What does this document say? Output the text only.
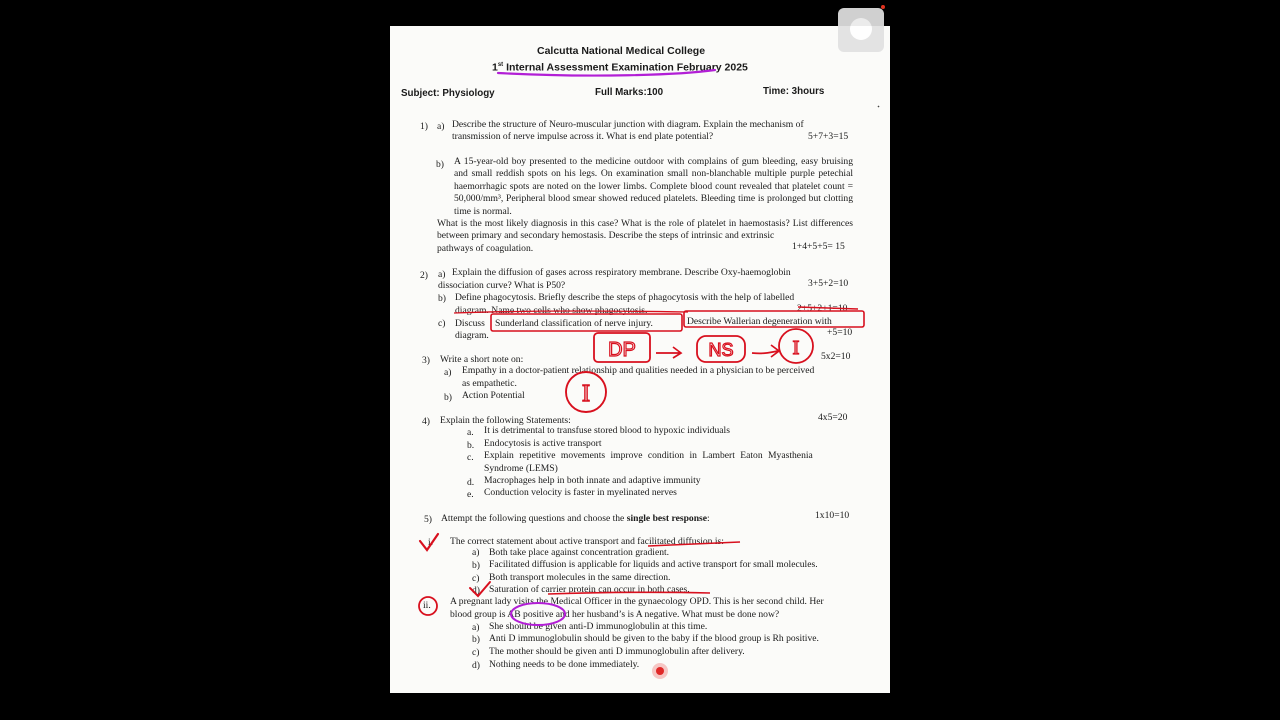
Calcutta National Medical College
1st Internal Assessment Examination February 2025
Subject: Physiology	Full Marks:100	Time: 3hours
1) a) Describe the structure of Neuro-muscular junction with diagram. Explain the mechanism of
transmission of nerve impulse across it. What is end plate potential?	5+7+3=15
b) A 15-year-old boy presented to the medicine outdoor with complains of gum bleeding, easy bruising and small reddish spots on his legs. On examination small non-blanchable multiple purple petechial haemorrhagic spots are noted on the lower limbs. Complete blood count revealed that platelet count = 50,000/mm³, Peripheral blood smear showed reduced platelets. Bleeding time is prolonged but clotting time is normal.
What is the most likely diagnosis in this case? What is the role of platelet in haemostasis? List differences between primary and secondary hemostasis. Describe the steps of intrinsic and extrinsic
pathways of coagulation.	1+4+5+5= 15
2) a) Explain the diffusion of gases across respiratory membrane. Describe Oxy-haemoglobin
dissociation curve? What is P50?	3+5+2=10
b) Define phagocytosis. Briefly describe the steps of phagocytosis with the help of labelled
diagram. Name two cells who show phagocytosis.	2+5+2+1=10
c) Discuss Sunderland classification of nerve injury.	Describe Wallerian degeneration with
diagram.	+5=10
3) Write a short note on:	5x2=10
a) Empathy in a doctor-patient relationship and qualities needed in a physician to be perceived
as empathetic.
b) Action Potential
4) Explain the following Statements:	4x5=20
a. It is detrimental to transfuse stored blood to hypoxic individuals
b. Endocytosis is active transport
c. Explain repetitive movements improve condition in Lambert Eaton Myasthenia
Syndrome (LEMS)
d. Macrophages help in both innate and adaptive immunity
e. Conduction velocity is faster in myelinated nerves
5) Attempt the following questions and choose the single best response:	1x10=10
i. The correct statement about active transport and facilitated diffusion is:
a) Both take place against concentration gradient.
b) Facilitated diffusion is applicable for liquids and active transport for small molecules.
c) Both transport molecules in the same direction.
d) Saturation of carrier protein can occur in both cases.
ii. A pregnant lady visits the Medical Officer in the gynaecology OPD. This is her second child. Her
blood group is AB positive and her husband’s is A negative. What must be done now?
a) She should be given anti-D immunoglobulin at this time.
b) Anti D immunoglobulin should be given to the baby if the blood group is Rh positive.
c) The mother should be given anti D immunoglobulin after delivery.
d) Nothing needs to be done immediately.
DP	NS	I
I
